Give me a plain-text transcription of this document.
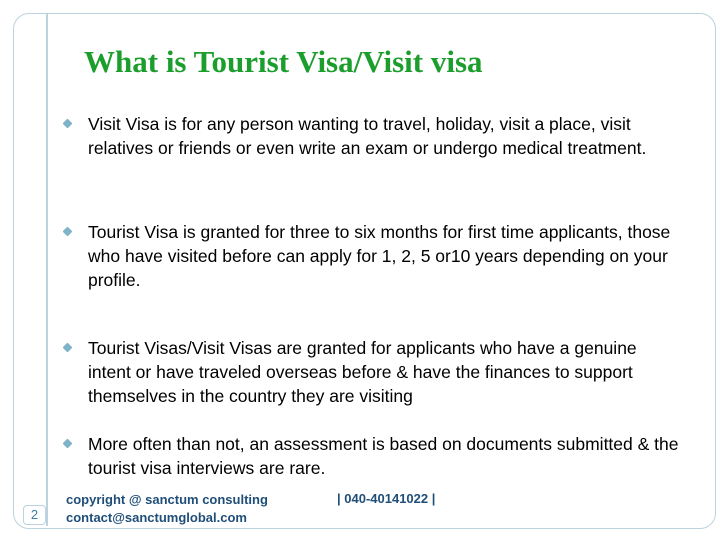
What is Tourist Visa/Visit visa
Visit Visa is for any person wanting to travel, holiday, visit a place, visit relatives or friends or even write an exam or undergo medical treatment.
Tourist Visa is granted for three to six months for first time applicants, those who have visited before can apply for 1, 2, 5 or10 years depending on your profile.
Tourist Visas/Visit Visas are granted for applicants who have a genuine intent or have traveled overseas before & have the finances to support themselves in the country they are visiting
More often than not, an assessment is based on documents submitted & the tourist visa interviews are rare.
copyright @ sanctum consulting
contact@sanctumglobal.com
| 040-40141022 |
2
